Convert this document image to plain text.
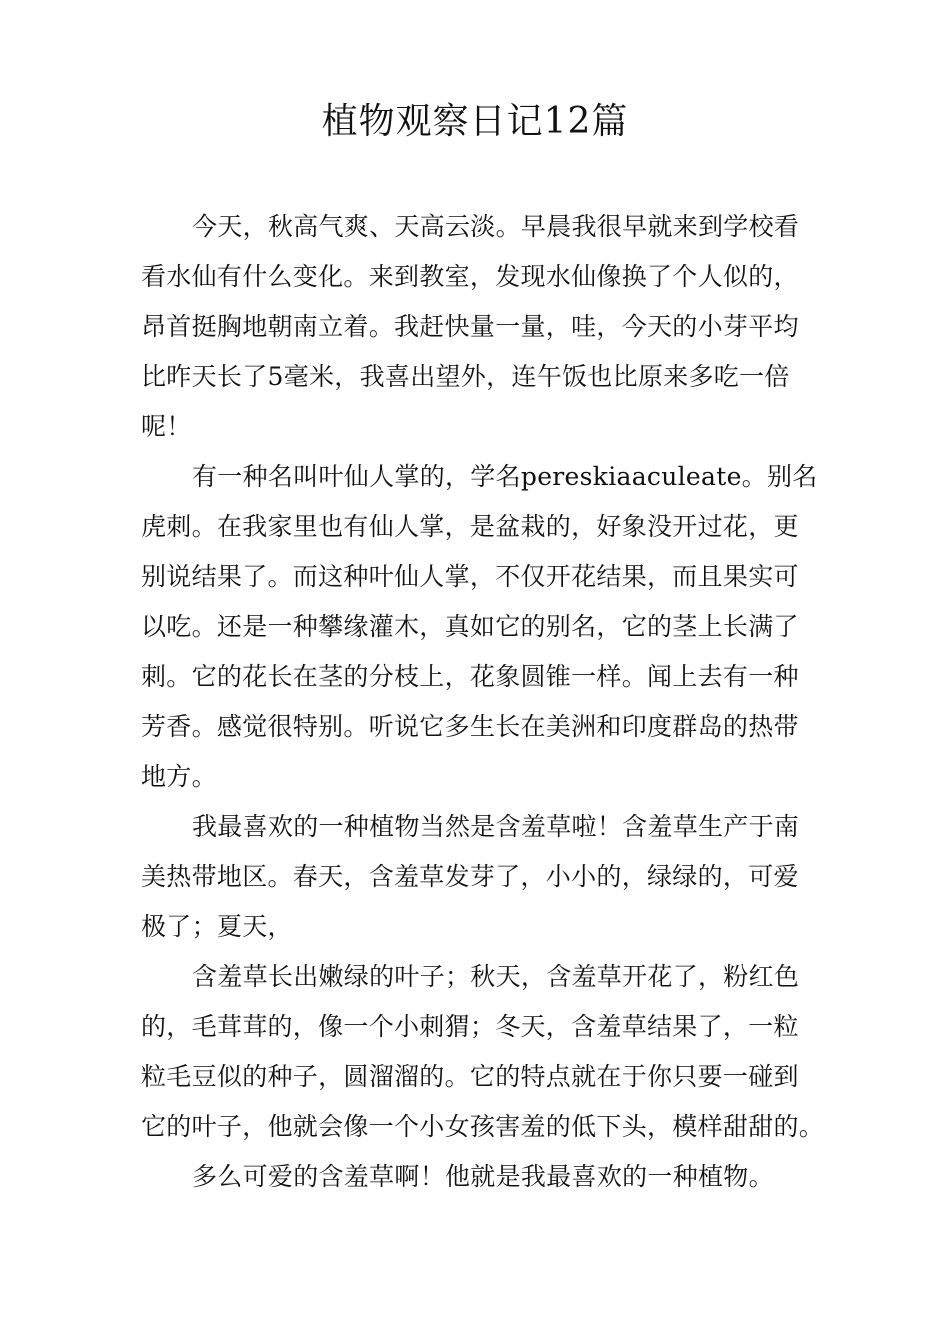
植物观察日记12篇
今天，秋高气爽、天高云淡。早晨我很早就来到学校看
看水仙有什么变化。来到教室，发现水仙像换了个人似的，
昂首挺胸地朝南立着。我赶快量一量，哇，今天的小芽平均
比昨天长了5毫米，我喜出望外，连午饭也比原来多吃一倍
呢！
有一种名叫叶仙人掌的，学名pereskiaaculeate。别名
虎刺。在我家里也有仙人掌，是盆栽的，好象没开过花，更
别说结果了。而这种叶仙人掌，不仅开花结果，而且果实可
以吃。还是一种攀缘灌木，真如它的别名，它的茎上长满了
刺。它的花长在茎的分枝上，花象圆锥一样。闻上去有一种
芳香。感觉很特别。听说它多生长在美洲和印度群岛的热带
地方。
我最喜欢的一种植物当然是含羞草啦！含羞草生产于南
美热带地区。春天，含羞草发芽了，小小的，绿绿的，可爱
极了；夏天，
含羞草长出嫩绿的叶子；秋天，含羞草开花了，粉红色
的，毛茸茸的，像一个小刺猬；冬天，含羞草结果了，一粒
粒毛豆似的种子，圆溜溜的。它的特点就在于你只要一碰到
它的叶子，他就会像一个小女孩害羞的低下头，模样甜甜的。
多么可爱的含羞草啊！他就是我最喜欢的一种植物。
